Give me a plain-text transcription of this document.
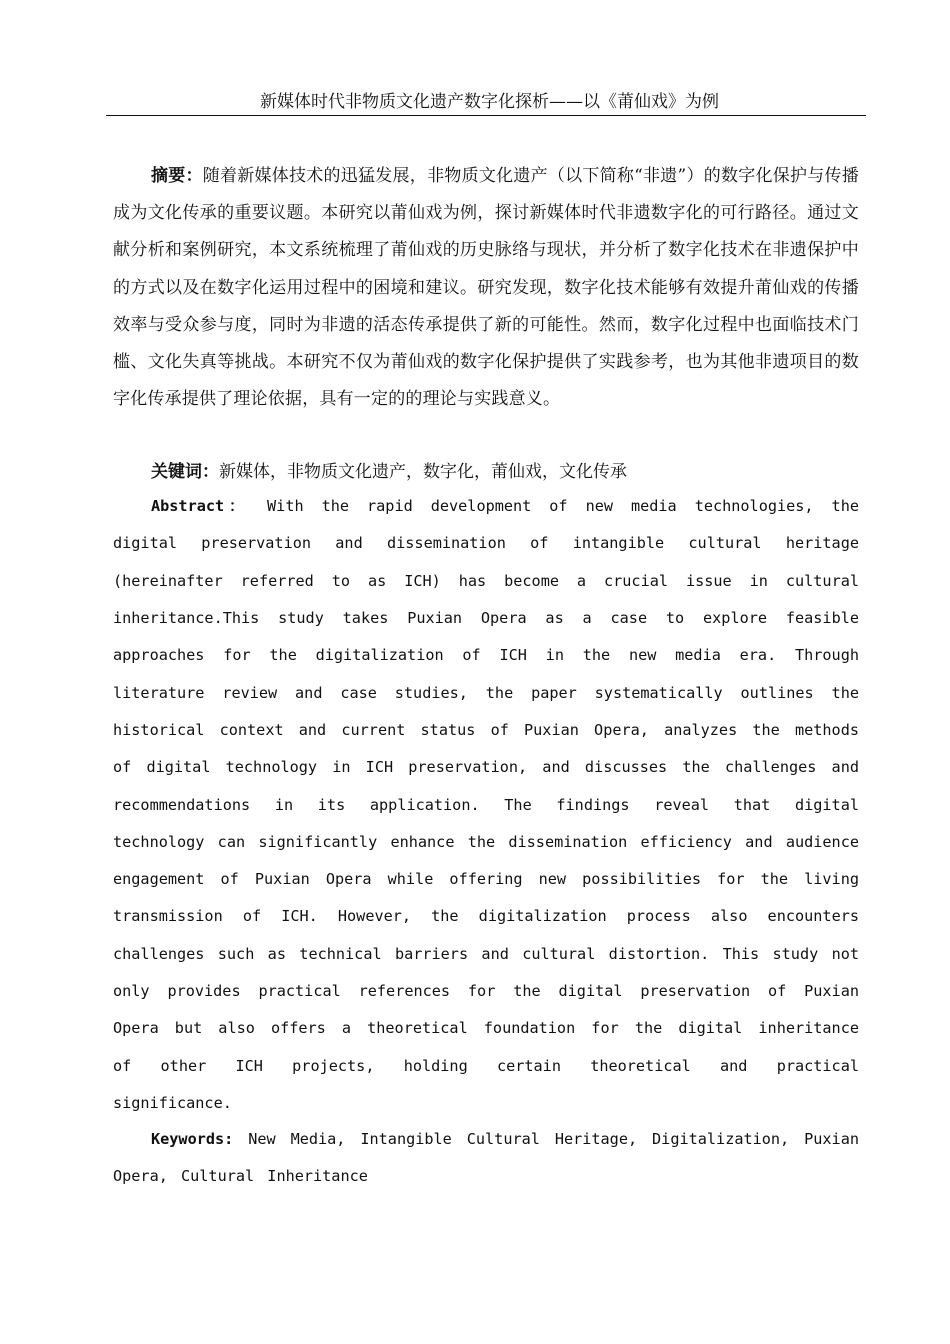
新媒体时代非物质文化遗产数字化探析——以《莆仙戏》为例

摘要：随着新媒体技术的迅猛发展，非物质文化遗产（以下简称“非遗”）的数字化保护与传播成为文化传承的重要议题。本研究以莆仙戏为例，探讨新媒体时代非遗数字化的可行路径。通过文献分析和案例研究，本文系统梳理了莆仙戏的历史脉络与现状，并分析了数字化技术在非遗保护中的方式以及在数字化运用过程中的困境和建议。研究发现，数字化技术能够有效提升莆仙戏的传播效率与受众参与度，同时为非遗的活态传承提供了新的可能性。然而，数字化过程中也面临技术门槛、文化失真等挑战。本研究不仅为莆仙戏的数字化保护提供了实践参考，也为其他非遗项目的数字化传承提供了理论依据，具有一定的的理论与实践意义。

关键词：新媒体，非物质文化遗产，数字化，莆仙戏，文化传承

Abstract： With the rapid development of new media technologies, the digital preservation and dissemination of intangible cultural heritage (hereinafter referred to as ICH) has become a crucial issue in cultural inheritance.This study takes Puxian Opera as a case to explore feasible approaches for the digitalization of ICH in the new media era. Through literature review and case studies, the paper systematically outlines the historical context and current status of Puxian Opera, analyzes the methods of digital technology in ICH preservation, and discusses the challenges and recommendations in its application. The findings reveal that digital technology can significantly enhance the dissemination efficiency and audience engagement of Puxian Opera while offering new possibilities for the living transmission of ICH. However, the digitalization process also encounters challenges such as technical barriers and cultural distortion. This study not only provides practical references for the digital preservation of Puxian Opera but also offers a theoretical foundation for the digital inheritance of other ICH projects, holding certain theoretical and practical significance.

Keywords: New Media, Intangible Cultural Heritage, Digitalization, Puxian Opera, Cultural Inheritance
